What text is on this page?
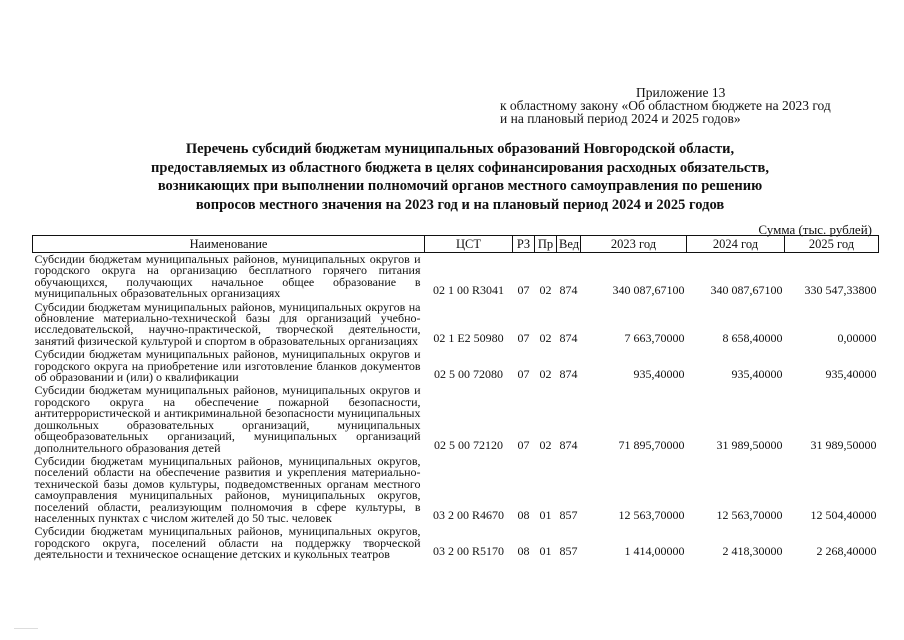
Приложение 13
к областному закону «Об областном бюджете на 2023 год
и на плановый период 2024 и 2025 годов»
Перечень субсидий бюджетам муниципальных образований Новгородской области,
предоставляемых из областного бюджета в целях софинансирования расходных обязательств,
возникающих при выполнении полномочий органов местного самоуправления по решению
вопросов местного значения на 2023 год и на плановый период 2024 и 2025 годов
Сумма (тыс. рублей)
Наименование	ЦСТ	РЗ	Пр	Вед	2023 год	2024 год	2025 год
Субсидии бюджетам муниципальных районов, муниципальных округов и городского округа на организацию бесплатного горячего питания обучающихся, получающих начальное общее образование в муниципальных образовательных организациях	02 1 00 R3041	07	02	874	340 087,67100	340 087,67100	330 547,33800
Субсидии бюджетам муниципальных районов, муниципальных округов на обновление материально-технической базы для организаций учебно-исследовательской, научно-практической, творческой деятельности, занятий физической культурой и спортом в образовательных организациях	02 1 Е2 50980	07	02	874	7 663,70000	8 658,40000	0,00000
Субсидии бюджетам муниципальных районов, муниципальных округов и городского округа на приобретение или изготовление бланков документов об образовании и (или) о квалификации	02 5 00 72080	07	02	874	935,40000	935,40000	935,40000
Субсидии бюджетам муниципальных районов, муниципальных округов и городского округа на обеспечение пожарной безопасности, антитеррористической и антикриминальной безопасности муниципальных дошкольных образовательных организаций, муниципальных общеобразовательных организаций, муниципальных организаций дополнительного образования детей	02 5 00 72120	07	02	874	71 895,70000	31 989,50000	31 989,50000
Субсидии бюджетам муниципальных районов, муниципальных округов, поселений области на обеспечение развития и укрепления материально-технической базы домов культуры, подведомственных органам местного самоуправления муниципальных районов, муниципальных округов, поселений области, реализующим полномочия в сфере культуры, в населенных пунктах с числом жителей до 50 тыс. человек	03 2 00 R4670	08	01	857	12 563,70000	12 563,70000	12 504,40000
Субсидии бюджетам муниципальных районов, муниципальных округов, городского округа, поселений области на поддержку творческой деятельности и техническое оснащение детских и кукольных театров	03 2 00 R5170	08	01	857	1 414,00000	2 418,30000	2 268,40000
